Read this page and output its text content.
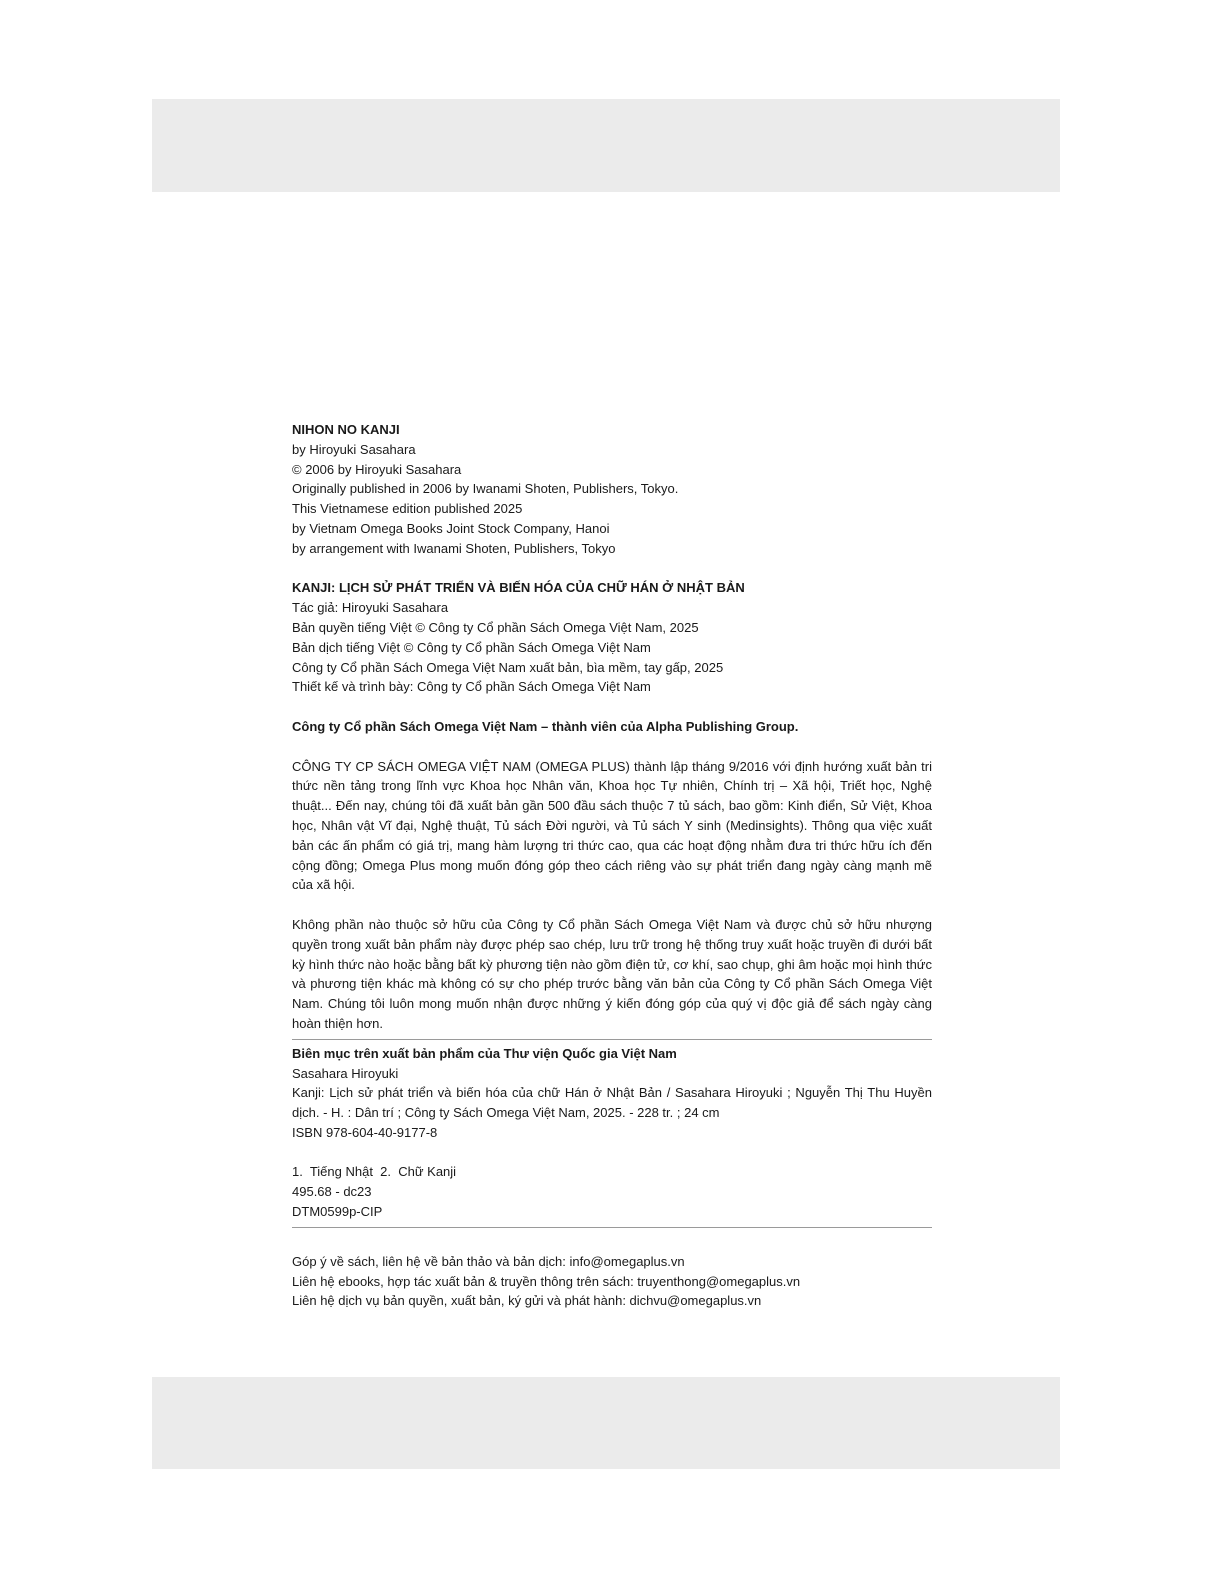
NIHON NO KANJI
by Hiroyuki Sasahara
© 2006 by Hiroyuki Sasahara
Originally published in 2006 by Iwanami Shoten, Publishers, Tokyo.
This Vietnamese edition published 2025
by Vietnam Omega Books Joint Stock Company, Hanoi
by arrangement with Iwanami Shoten, Publishers, Tokyo
KANJI: LỊCH SỬ PHÁT TRIỂN VÀ BIẾN HÓA CỦA CHỮ HÁN Ở NHẬT BẢN
Tác giả: Hiroyuki Sasahara
Bản quyền tiếng Việt © Công ty Cổ phần Sách Omega Việt Nam, 2025
Bản dịch tiếng Việt © Công ty Cổ phần Sách Omega Việt Nam
Công ty Cổ phần Sách Omega Việt Nam xuất bản, bìa mềm, tay gấp, 2025
Thiết kế và trình bày: Công ty Cổ phần Sách Omega Việt Nam
Công ty Cổ phần Sách Omega Việt Nam – thành viên của Alpha Publishing Group.

CÔNG TY CP SÁCH OMEGA VIỆT NAM (OMEGA PLUS) thành lập tháng 9/2016 với định hướng xuất bản tri thức nền tảng trong lĩnh vực Khoa học Nhân văn, Khoa học Tự nhiên, Chính trị – Xã hội, Triết học, Nghệ thuật... Đến nay, chúng tôi đã xuất bản gần 500 đầu sách thuộc 7 tủ sách, bao gồm: Kinh điển, Sử Việt, Khoa học, Nhân vật Vĩ đại, Nghệ thuật, Tủ sách Đời người, và Tủ sách Y sinh (Medinsights). Thông qua việc xuất bản các ấn phẩm có giá trị, mang hàm lượng tri thức cao, qua các hoạt động nhằm đưa tri thức hữu ích đến cộng đồng; Omega Plus mong muốn đóng góp theo cách riêng vào sự phát triển đang ngày càng mạnh mẽ của xã hội.

Không phần nào thuộc sở hữu của Công ty Cổ phần Sách Omega Việt Nam và được chủ sở hữu nhượng quyền trong xuất bản phẩm này được phép sao chép, lưu trữ trong hệ thống truy xuất hoặc truyền đi dưới bất kỳ hình thức nào hoặc bằng bất kỳ phương tiện nào gồm điện tử, cơ khí, sao chụp, ghi âm hoặc mọi hình thức và phương tiện khác mà không có sự cho phép trước bằng văn bản của Công ty Cổ phần Sách Omega Việt Nam. Chúng tôi luôn mong muốn nhận được những ý kiến đóng góp của quý vị độc giả để sách ngày càng hoàn thiện hơn.

Biên mục trên xuất bản phẩm của Thư viện Quốc gia Việt Nam
Sasahara Hiroyuki

Kanji: Lịch sử phát triển và biến hóa của chữ Hán ở Nhật Bản / Sasahara Hiroyuki ; Nguyễn Thị Thu Huyền dịch. - H. : Dân trí ; Công ty Sách Omega Việt Nam, 2025. - 228 tr. ; 24 cm

ISBN 978-604-40-9177-8
1.  Tiếng Nhật  2.  Chữ Kanji
495.68 - dc23
DTM0599p-CIP
Góp ý về sách, liên hệ về bản thảo và bản dịch: info@omegaplus.vn
Liên hệ ebooks, hợp tác xuất bản & truyền thông trên sách: truyenthong@omegaplus.vn
Liên hệ dịch vụ bản quyền, xuất bản, ký gửi và phát hành: dichvu@omegaplus.vn
